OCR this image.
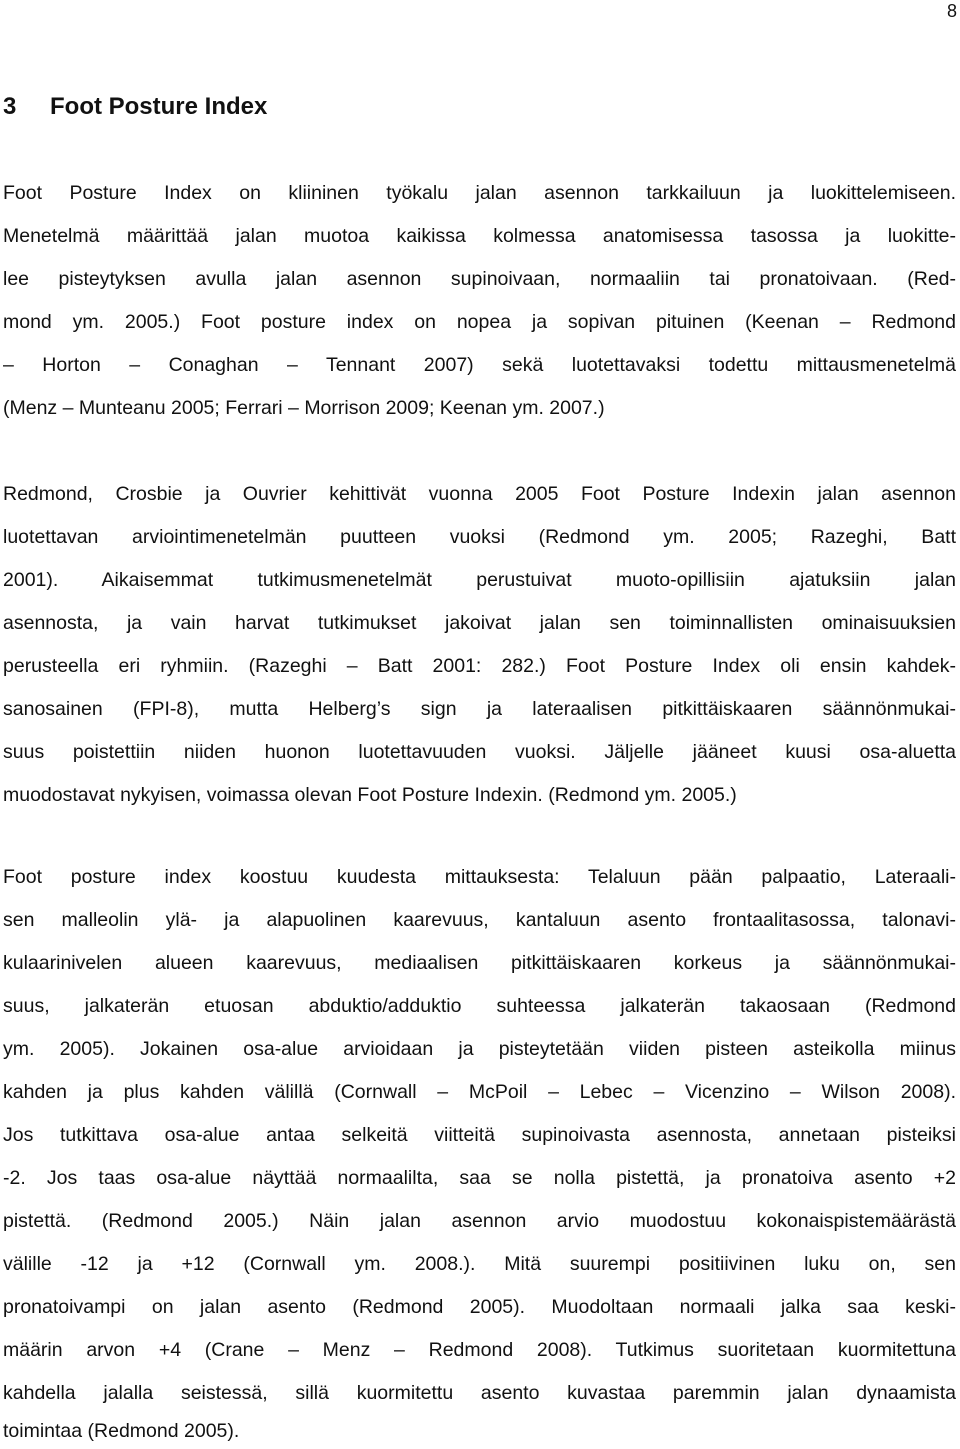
8
3 Foot Posture Index
Foot Posture Index on kliininen työkalu jalan asennon tarkkailuun ja luokittelemiseen.
Menetelmä määrittää jalan muotoa kaikissa kolmessa anatomisessa tasossa ja luokitte-
lee pisteytyksen avulla jalan asennon supinoivaan, normaaliin tai pronatoivaan. (Red-
mond ym. 2005.) Foot posture index on nopea ja sopivan pituinen (Keenan – Redmond
– Horton – Conaghan – Tennant 2007) sekä luotettavaksi todettu mittausmenetelmä
(Menz – Munteanu 2005; Ferrari – Morrison 2009; Keenan ym. 2007.)
Redmond, Crosbie ja Ouvrier kehittivät vuonna 2005 Foot Posture Indexin jalan asennon
luotettavan arviointimenetelmän puutteen vuoksi (Redmond ym. 2005; Razeghi, Batt
2001). Aikaisemmat tutkimusmenetelmät perustuivat muoto-opillisiin ajatuksiin jalan
asennosta, ja vain harvat tutkimukset jakoivat jalan sen toiminnallisten ominaisuuksien
perusteella eri ryhmiin. (Razeghi – Batt 2001: 282.) Foot Posture Index oli ensin kahdek-
sanosainen (FPI-8), mutta Helberg’s sign ja lateraalisen pitkittäiskaaren säännönmukai-
suus poistettiin niiden huonon luotettavuuden vuoksi. Jäljelle jääneet kuusi osa-aluetta
muodostavat nykyisen, voimassa olevan Foot Posture Indexin. (Redmond ym. 2005.)
Foot posture index koostuu kuudesta mittauksesta: Telaluun pään palpaatio, Lateraali-
sen malleolin ylä- ja alapuolinen kaarevuus, kantaluun asento frontaalitasossa, talonavi-
kulaarinivelen alueen kaarevuus, mediaalisen pitkittäiskaaren korkeus ja säännönmukai-
suus, jalkaterän etuosan abduktio/adduktio suhteessa jalkaterän takaosaan (Redmond
ym. 2005). Jokainen osa-alue arvioidaan ja pisteytetään viiden pisteen asteikolla miinus
kahden ja plus kahden välillä (Cornwall – McPoil – Lebec – Vicenzino – Wilson 2008).
Jos tutkittava osa-alue antaa selkeitä viitteitä supinoivasta asennosta, annetaan pisteiksi
-2. Jos taas osa-alue näyttää normaalilta, saa se nolla pistettä, ja pronatoiva asento +2
pistettä. (Redmond 2005.) Näin jalan asennon arvio muodostuu kokonaispistemäärästä
välille -12 ja +12 (Cornwall ym. 2008.). Mitä suurempi positiivinen luku on, sen
pronatoivampi on jalan asento (Redmond 2005). Muodoltaan normaali jalka saa keski-
määrin arvon +4 (Crane – Menz – Redmond 2008). Tutkimus suoritetaan kuormitettuna
kahdella jalalla seistessä, sillä kuormitettu asento kuvastaa paremmin jalan dynaamista
toimintaa (Redmond 2005).
